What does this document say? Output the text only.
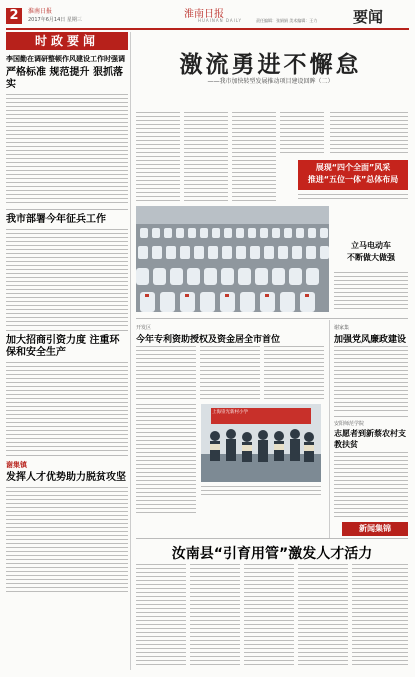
2	淮南日报
2017年6月14日 星期三	淮南日报
HUAINAN DAILY	责任编辑：张娟娟 美术编辑：王力 要闻
时政要闻
李国勤在调研整顿作风建设工作时强调
严格标准 规范提升 狠抓落实
我市部署今年征兵工作
加大招商引资力度 注重环保和安全生产
谢集镇
发挥人才优势助力脱贫攻坚
激流勇进不懈怠
——我市加快转型发展推动项目建设回眸（二）
展现“四个全面”风采
推进“五位一体”总体布局
立马电动车
不断做大做强
开发区
今年专利资助授权及资金居全市首位
谢家集
加强党风廉政建设
安阳师范学院
志愿者到新蔡农村支教扶贫
上海崇光新村小学
新闻集锦
汝南县“引育用管”激发人才活力
